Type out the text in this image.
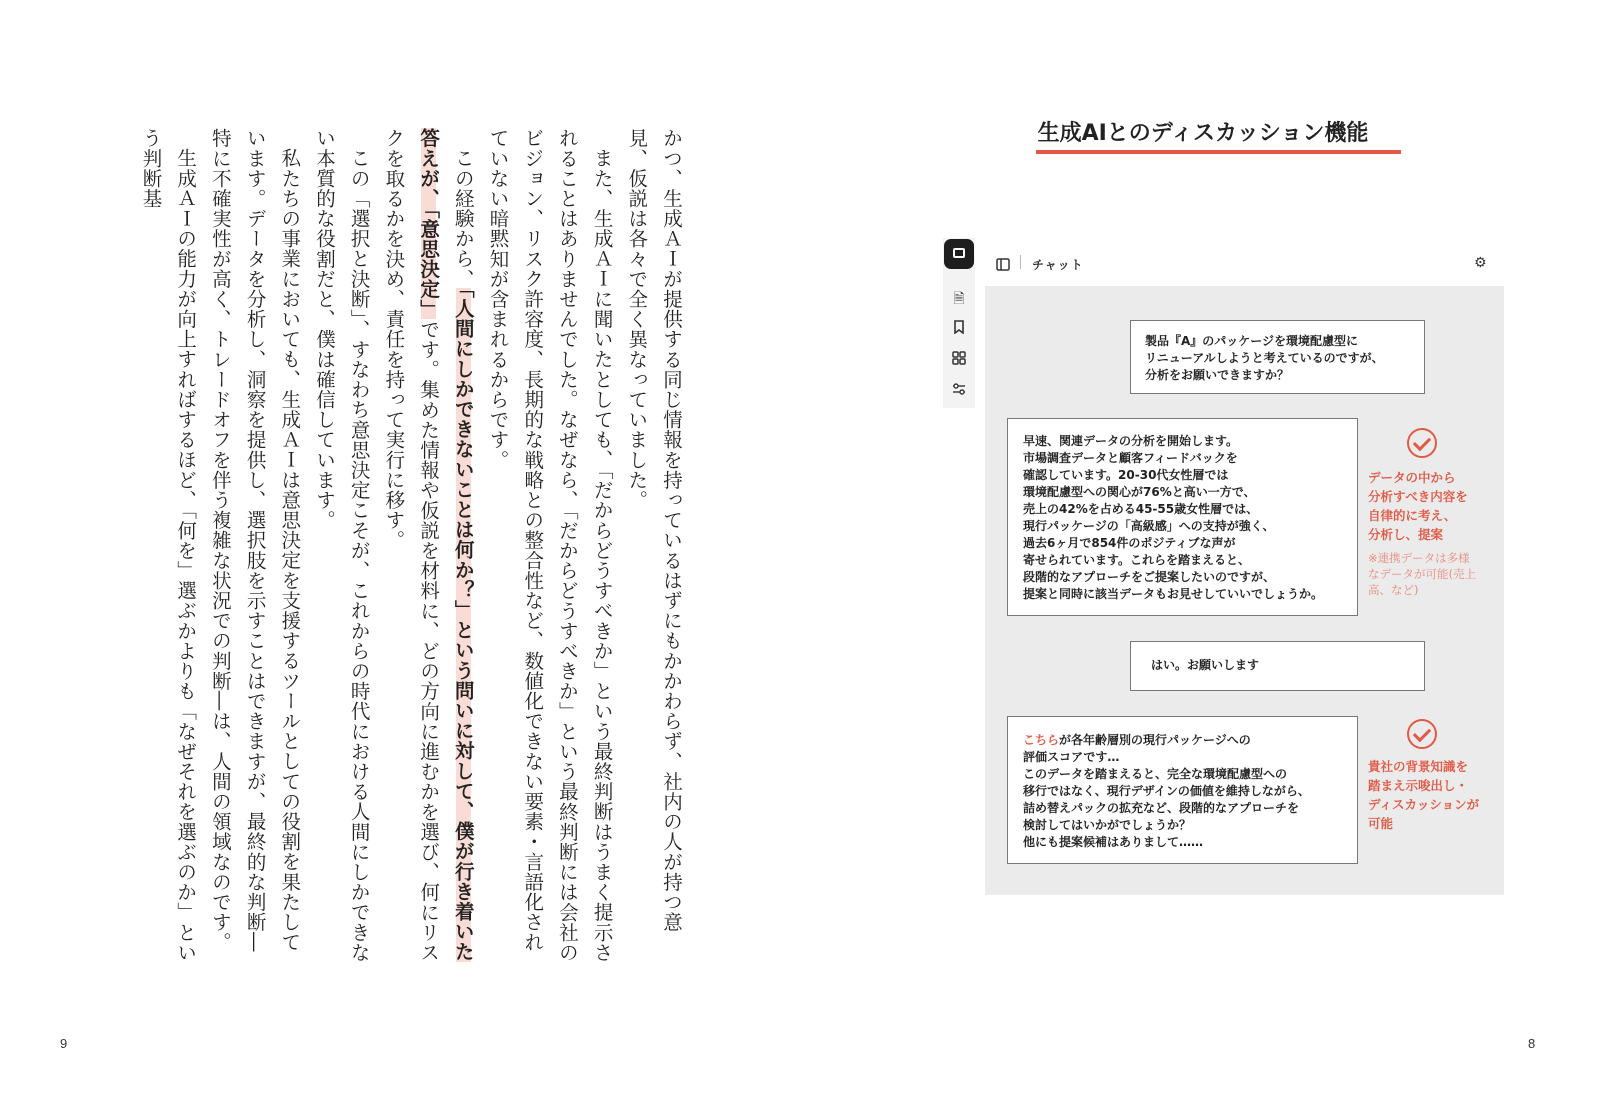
かつ、生成ＡＩが提供する同じ情報を持っているはずにもかかわらず、社内の人が持つ意見、仮説は各々で全く異なっていました。

また、生成ＡＩに聞いたとしても、「だからどうすべきか」という最終判断はうまく提示されることはありませんでした。なぜなら、「だからどうすべきか」という最終判断には会社のビジョン、リスク許容度、長期的な戦略との整合性など、数値化できない要素・言語化されていない暗黙知が含まれるからです。

この経験から、「人間にしかできないことは何か？」という問いに対して、僕が行き着いた答えが、「意思決定」です。集めた情報や仮説を材料に、どの方向に進むかを選び、何にリスクを取るかを決め、責任を持って実行に移す。

この「選択と決断」、すなわち意思決定こそが、これからの時代における人間にしかできない本質的な役割だと、僕は確信しています。

私たちの事業においても、生成ＡＩは意思決定を支援するツールとしての役割を果たしています。データを分析し、洞察を提供し、選択肢を示すことはできますが、最終的な判断―特に不確実性が高く、トレードオフを伴う複雑な状況での判断―は、人間の領域なのです。

生成ＡＩの能力が向上すればするほど、「何を」選ぶかよりも「なぜそれを選ぶのか」という判断基

9	8
生成AIとのディスカッション機能
🗎
チャット	⚙
製品『A』のパッケージを環境配慮型に
リニューアルしようと考えているのですが、
分析をお願いできますか？
早速、関連データの分析を開始します。
市場調査データと顧客フィードバックを
確認しています。20-30代女性層では
環境配慮型への関心が76%と高い一方で、
売上の42%を占める45-55歳女性層では、
現行パッケージの「高級感」への支持が強く、
過去6ヶ月で854件のポジティブな声が
寄せられています。これらを踏まえると、
段階的なアプローチをご提案したいのですが、
提案と同時に該当データもお見せしていいでしょうか。
はい。お願いします
こちらが各年齢層別の現行パッケージへの
評価スコアです…
このデータを踏まえると、完全な環境配慮型への
移行ではなく、現行デザインの価値を維持しながら、
詰め替えパックの拡充など、段階的なアプローチを
検討してはいかがでしょうか？
他にも提案候補はありまして……
データの中から
分析すべき内容を
自律的に考え、
分析し、提案
※連携データは多様
なデータが可能(売上
高、など)
貴社の背景知識を
踏まえ示唆出し・
ディスカッションが
可能
